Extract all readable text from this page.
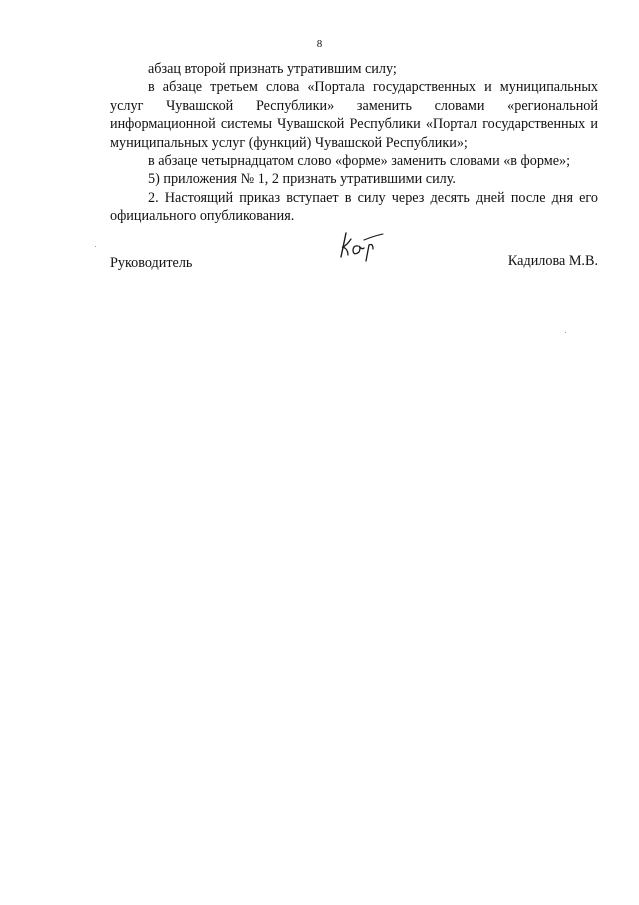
8

абзац второй признать утратившим силу;

в абзаце третьем слова «Портала государственных и муниципальных услуг Чувашской Республики» заменить словами «региональной информационной системы Чувашской Республики «Портал государственных и муниципальных услуг (функций) Чувашской Республики»;

в абзаце четырнадцатом слово «форме» заменить словами «в форме»;

5) приложения № 1, 2 признать утратившими силу.

2. Настоящий приказ вступает в силу через десять дней после дня его официального опубликования.

Руководитель	Кадилова М.В.
